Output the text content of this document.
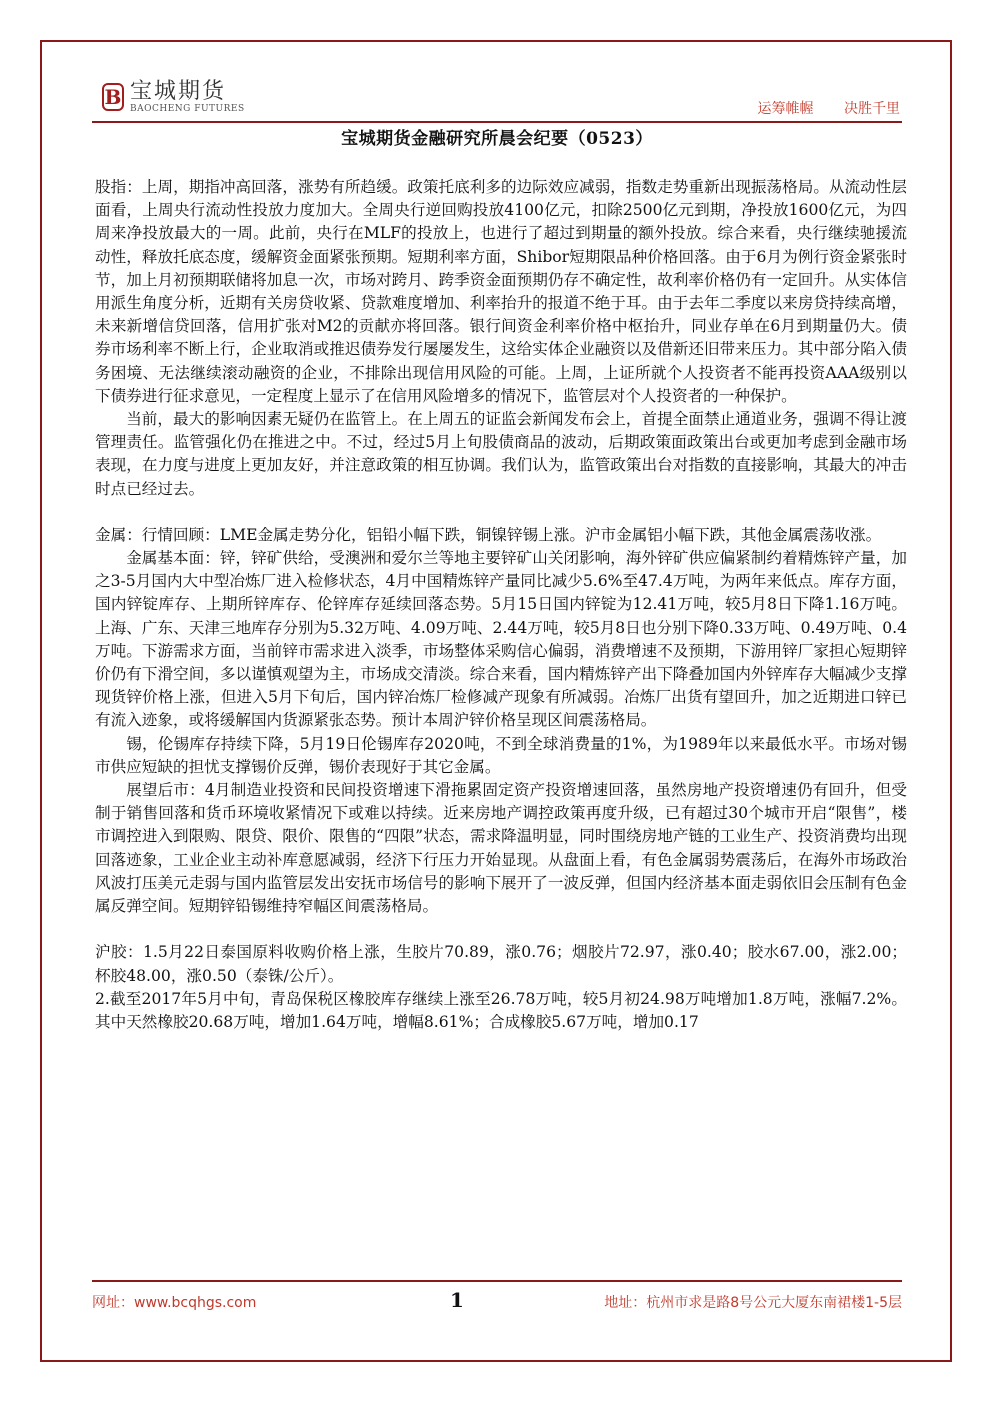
B 宝城期货
BAOCHENG FUTURES	运筹帷幄 决胜千里
宝城期货金融研究所晨会纪要（0523）

股指：上周，期指冲高回落，涨势有所趋缓。政策托底利多的边际效应减弱，指数走势重新出现振荡格局。从流动性层面看，上周央行流动性投放力度加大。全周央行逆回购投放4100亿元，扣除2500亿元到期，净投放1600亿元，为四周来净投放最大的一周。此前，央行在MLF的投放上，也进行了超过到期量的额外投放。综合来看，央行继续驰援流动性，释放托底态度，缓解资金面紧张预期。短期利率方面，Shibor短期限品种价格回落。由于6月为例行资金紧张时节，加上月初预期联储将加息一次，市场对跨月、跨季资金面预期仍存不确定性，故利率价格仍有一定回升。从实体信用派生角度分析，近期有关房贷收紧、贷款难度增加、利率抬升的报道不绝于耳。由于去年二季度以来房贷持续高增，未来新增信贷回落，信用扩张对M2的贡献亦将回落。银行间资金利率价格中枢抬升，同业存单在6月到期量仍大。债券市场利率不断上行，企业取消或推迟债券发行屡屡发生，这给实体企业融资以及借新还旧带来压力。其中部分陷入债务困境、无法继续滚动融资的企业，不排除出现信用风险的可能。上周，上证所就个人投资者不能再投资AAA级别以下债券进行征求意见，一定程度上显示了在信用风险增多的情况下，监管层对个人投资者的一种保护。

当前，最大的影响因素无疑仍在监管上。在上周五的证监会新闻发布会上，首提全面禁止通道业务，强调不得让渡管理责任。监管强化仍在推进之中。不过，经过5月上旬股债商品的波动，后期政策面政策出台或更加考虑到金融市场表现，在力度与进度上更加友好，并注意政策的相互协调。我们认为，监管政策出台对指数的直接影响，其最大的冲击时点已经过去。

金属：行情回顾：LME金属走势分化，铝铅小幅下跌，铜镍锌锡上涨。沪市金属铝小幅下跌，其他金属震荡收涨。

金属基本面：锌，锌矿供给，受澳洲和爱尔兰等地主要锌矿山关闭影响，海外锌矿供应偏紧制约着精炼锌产量，加之3-5月国内大中型冶炼厂进入检修状态，4月中国精炼锌产量同比减少5.6%至47.4万吨，为两年来低点。库存方面，国内锌锭库存、上期所锌库存、伦锌库存延续回落态势。5月15日国内锌锭为12.41万吨，较5月8日下降1.16万吨。上海、广东、天津三地库存分别为5.32万吨、4.09万吨、2.44万吨，较5月8日也分别下降0.33万吨、0.49万吨、0.4万吨。下游需求方面，当前锌市需求进入淡季，市场整体采购信心偏弱，消费增速不及预期，下游用锌厂家担心短期锌价仍有下滑空间，多以谨慎观望为主，市场成交清淡。综合来看，国内精炼锌产出下降叠加国内外锌库存大幅减少支撑现货锌价格上涨，但进入5月下旬后，国内锌冶炼厂检修减产现象有所减弱。冶炼厂出货有望回升，加之近期进口锌已有流入迹象，或将缓解国内货源紧张态势。预计本周沪锌价格呈现区间震荡格局。

锡，伦锡库存持续下降，5月19日伦锡库存2020吨，不到全球消费量的1%，为1989年以来最低水平。市场对锡市供应短缺的担忧支撑锡价反弹，锡价表现好于其它金属。

展望后市：4月制造业投资和民间投资增速下滑拖累固定资产投资增速回落，虽然房地产投资增速仍有回升，但受制于销售回落和货币环境收紧情况下或难以持续。近来房地产调控政策再度升级，已有超过30个城市开启“限售”，楼市调控进入到限购、限贷、限价、限售的“四限”状态，需求降温明显，同时围绕房地产链的工业生产、投资消费均出现回落迹象，工业企业主动补库意愿减弱，经济下行压力开始显现。从盘面上看，有色金属弱势震荡后，在海外市场政治风波打压美元走弱与国内监管层发出安抚市场信号的影响下展开了一波反弹，但国内经济基本面走弱依旧会压制有色金属反弹空间。短期锌铅锡维持窄幅区间震荡格局。

沪胶：1.5月22日泰国原料收购价格上涨，生胶片70.89，涨0.76；烟胶片72.97，涨0.40；胶水67.00，涨2.00；杯胶48.00，涨0.50（泰铢/公斤）。

2.截至2017年5月中旬，青岛保税区橡胶库存继续上涨至26.78万吨，较5月初24.98万吨增加1.8万吨，涨幅7.2%。其中天然橡胶20.68万吨，增加1.64万吨，增幅8.61%；合成橡胶5.67万吨，增加0.17

网址：www.bcqhgs.com	1	地址：杭州市求是路8号公元大厦东南裙楼1-5层
